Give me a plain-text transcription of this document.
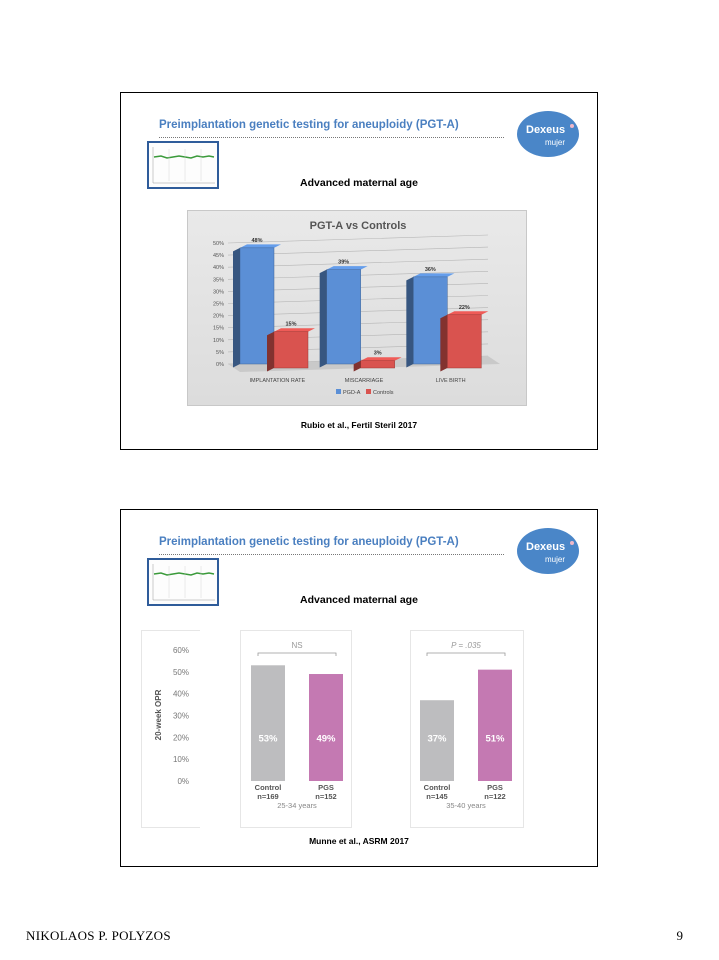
Preimplantation genetic testing for aneuploidy (PGT-A)	Dexeus
mujer
Advanced maternal age
PGT-A vs Controls
0%
5%
10%
15%
20%
25%
30%
35%
40%
45%
50%
IMPLANTATION RATE
48%
15%
MISCARRIAGE
39%
3%
LIVE BIRTH
36%
22%
PGD-A Controls
Rubio et al., Fertil Steril 2017
Preimplantation genetic testing for aneuploidy (PGT-A)	Dexeus
mujer
Advanced maternal age
0%
10%
20%
30%
40%
50%
60%
20-week OPR
NS
53%
Control
n=169
49%
PGS
n=152
25-34 years
P = .035
37%
Control
n=145
51%
PGS
n=122
35-40 years
Munne et al., ASRM 2017
NIKOLAOS P. POLYZOS	9
